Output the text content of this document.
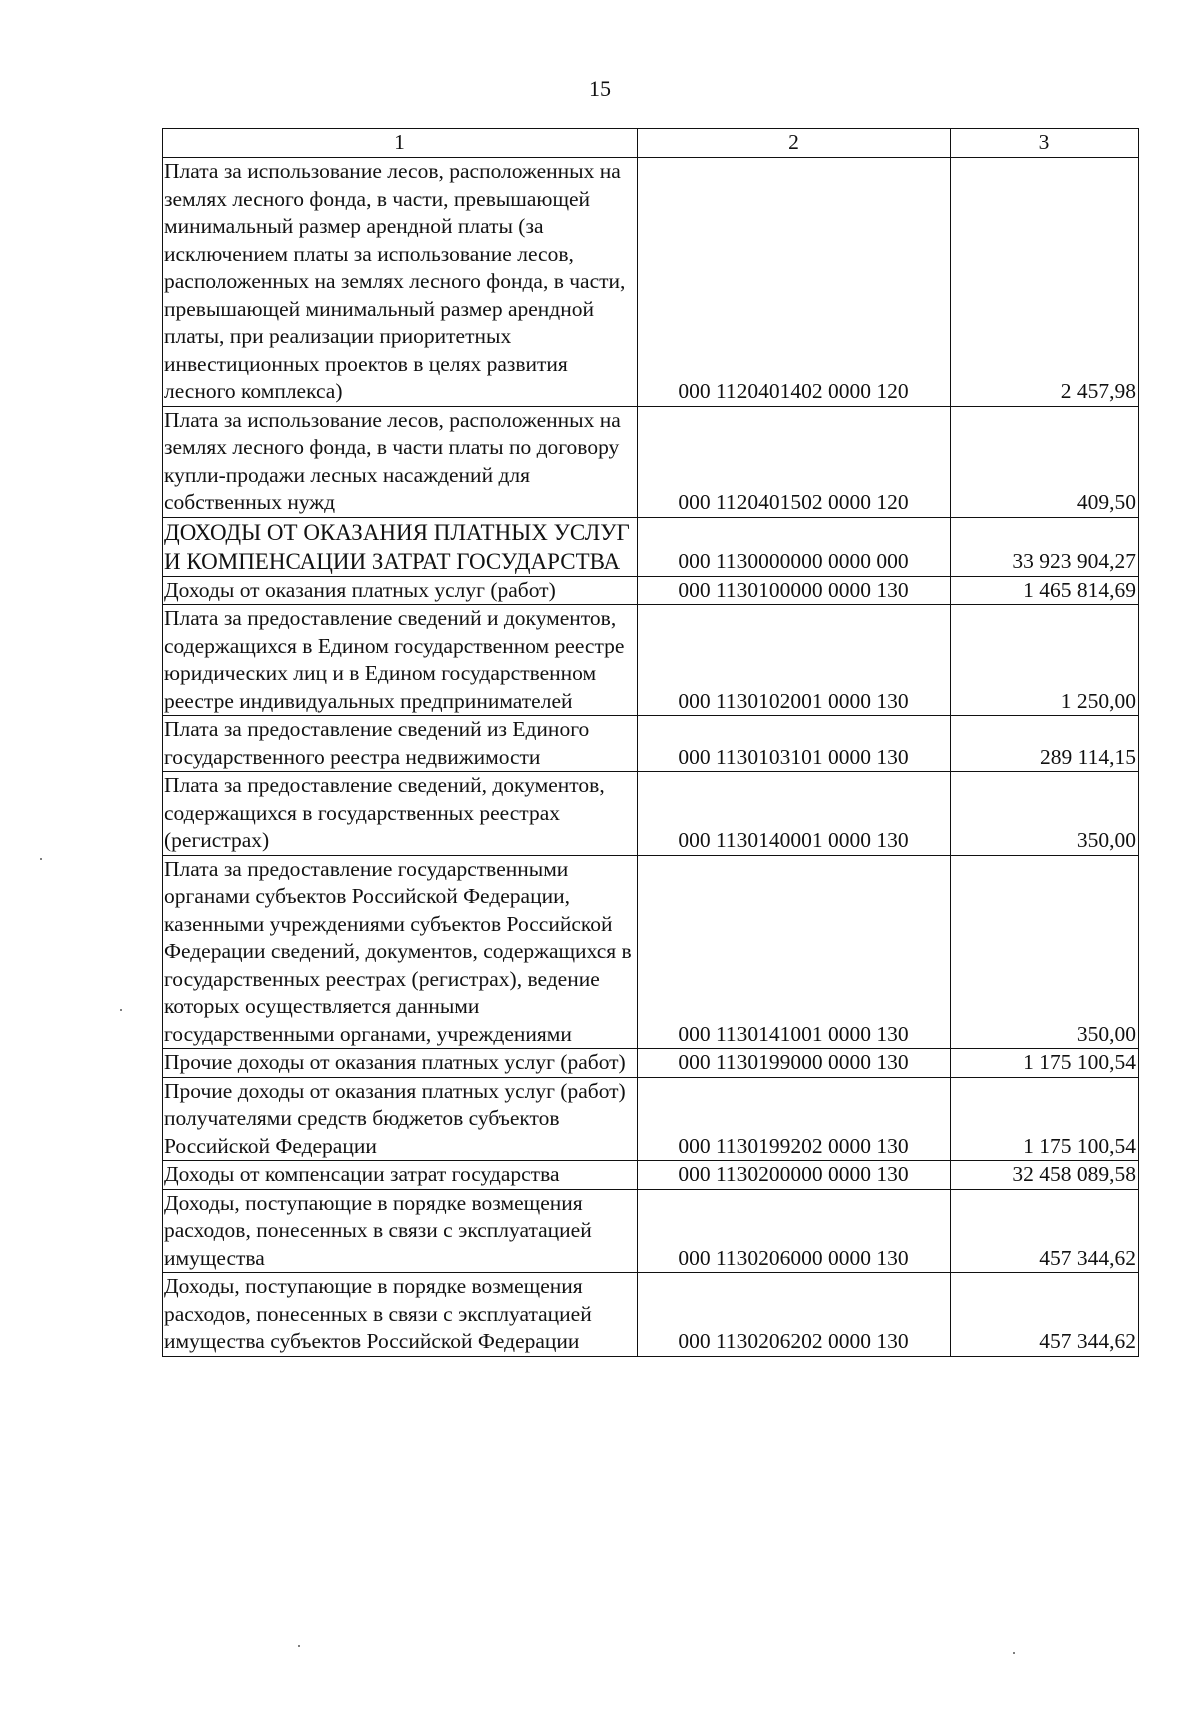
15
1	2	3
Плата за использование лесов, расположенных на землях лесного фонда, в части, превышающей минимальный размер арендной платы (за исключением платы за использование лесов, расположенных на землях лесного фонда, в части, превышающей минимальный размер арендной платы, при реализации приоритетных инвестиционных проектов в целях развития лесного комплекса)	000 1120401402 0000 120	2 457,98
Плата за использование лесов, расположенных на землях лесного фонда, в части платы по договору купли-продажи лесных насаждений для собственных нужд	000 1120401502 0000 120	409,50
ДОХОДЫ ОТ ОКАЗАНИЯ ПЛАТНЫХ УСЛУГ И КОМПЕНСАЦИИ ЗАТРАТ ГОСУДАРСТВА	000 1130000000 0000 000	33 923 904,27
Доходы от оказания платных услуг (работ)	000 1130100000 0000 130	1 465 814,69
Плата за предоставление сведений и документов, содержащихся в Едином государственном реестре юридических лиц и в Едином государственном реестре индивидуальных предпринимателей	000 1130102001 0000 130	1 250,00
Плата за предоставление сведений из Единого государственного реестра недвижимости	000 1130103101 0000 130	289 114,15
Плата за предоставление сведений, документов, содержащихся в государственных реестрах (регистрах)	000 1130140001 0000 130	350,00
Плата за предоставление государственными органами субъектов Российской Федерации, казенными учреждениями субъектов Российской Федерации сведений, документов, содержащихся в государственных реестрах (регистрах), ведение которых осуществляется данными государственными органами, учреждениями	000 1130141001 0000 130	350,00
Прочие доходы от оказания платных услуг (работ)	000 1130199000 0000 130	1 175 100,54
Прочие доходы от оказания платных услуг (работ) получателями средств бюджетов субъектов Российской Федерации	000 1130199202 0000 130	1 175 100,54
Доходы от компенсации затрат государства	000 1130200000 0000 130	32 458 089,58
Доходы, поступающие в порядке возмещения расходов, понесенных в связи с эксплуатацией имущества	000 1130206000 0000 130	457 344,62
Доходы, поступающие в порядке возмещения расходов, понесенных в связи с эксплуатацией имущества субъектов Российской Федерации	000 1130206202 0000 130	457 344,62
